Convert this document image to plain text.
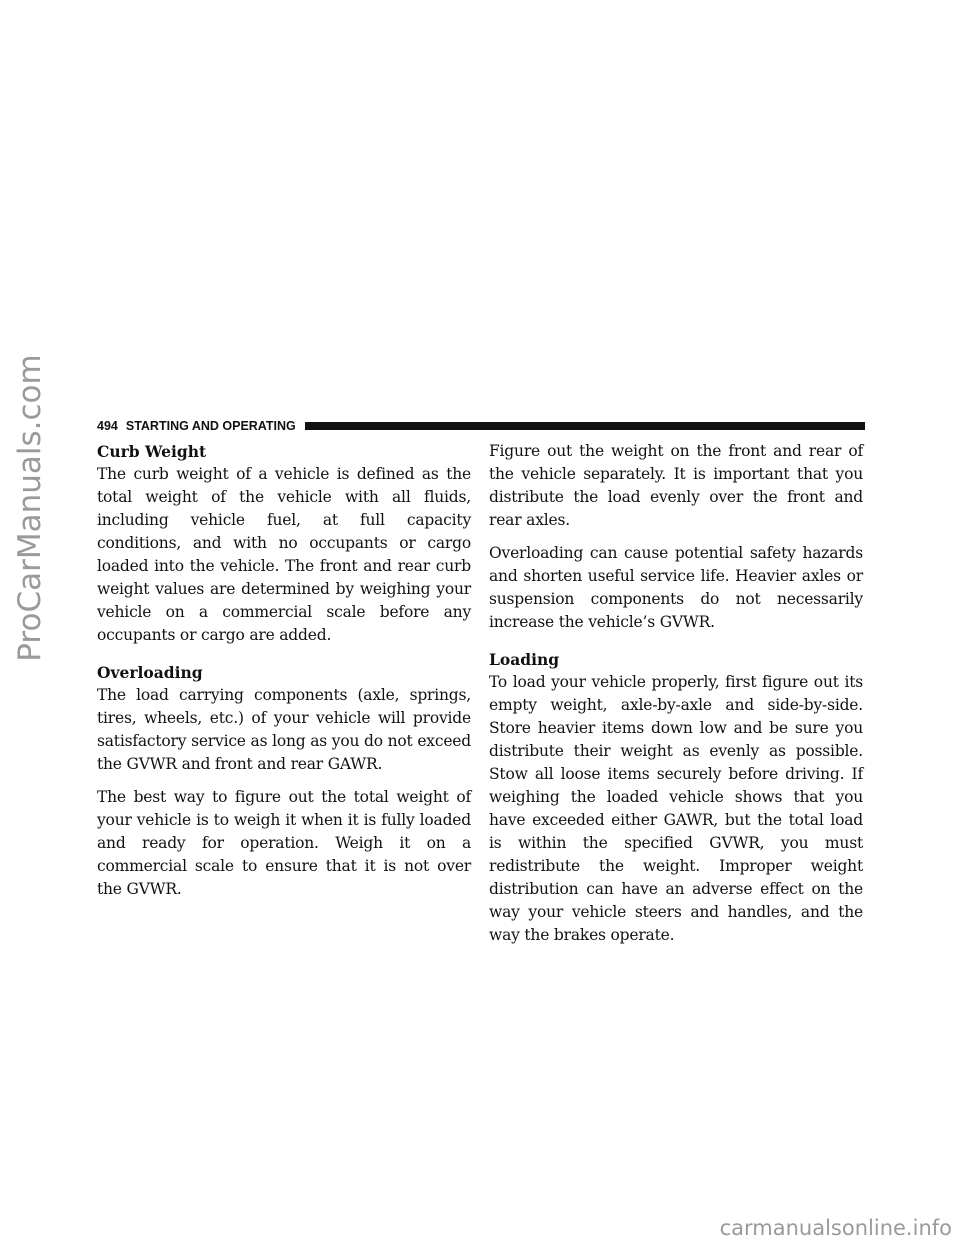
ProCarManuals.com	494 STARTING AND OPERATING
Curb Weight

The curb weight of a vehicle is defined as the total weight of the vehicle with all fluids, including vehicle fuel, at full capacity conditions, and with no occupants or cargo loaded into the vehicle. The front and rear curb weight values are determined by weighing your vehicle on a commercial scale before any occupants or cargo are added.

Overloading

The load carrying components (axle, springs, tires, wheels, etc.) of your vehicle will provide satisfactory service as long as you do not exceed the GVWR and front and rear GAWR.

The best way to figure out the total weight of your vehicle is to weigh it when it is fully loaded and ready for operation. Weigh it on a commercial scale to ensure that it is not over the GVWR.

Figure out the weight on the front and rear of the vehicle separately. It is important that you distribute the load evenly over the front and rear axles.

Overloading can cause potential safety hazards and shorten useful service life. Heavier axles or suspension components do not necessarily increase the vehicle’s GVWR.

Loading

To load your vehicle properly, first figure out its empty weight, axle-by-axle and side-by-side. Store heavier items down low and be sure you distribute their weight as evenly as possible. Stow all loose items securely before driving. If weighing the loaded vehicle shows that you have exceeded either GAWR, but the total load is within the specified GVWR, you must redistribute the weight. Improper weight distribution can have an adverse effect on the way your vehicle steers and handles, and the way the brakes operate.

carmanualsonline.info
